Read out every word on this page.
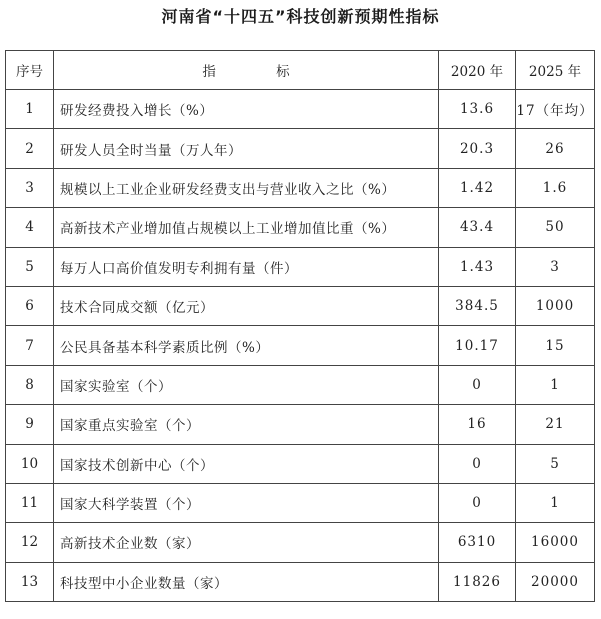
河南省“十四五”科技创新预期性指标
序号	指 标	2020 年	2025 年
1	研发经费投入增长（%）	13.6	17（年均）
2	研发人员全时当量（万人年）	20.3	26
3	规模以上工业企业研发经费支出与营业收入之比（%）	1.42	1.6
4	高新技术产业增加值占规模以上工业增加值比重（%）	43.4	50
5	每万人口高价值发明专利拥有量（件）	1.43	3
6	技术合同成交额（亿元）	384.5	1000
7	公民具备基本科学素质比例（%）	10.17	15
8	国家实验室（个）	0	1
9	国家重点实验室（个）	16	21
10	国家技术创新中心（个）	0	5
11	国家大科学装置（个）	0	1
12	高新技术企业数（家）	6310	16000
13	科技型中小企业数量（家）	11826	20000
